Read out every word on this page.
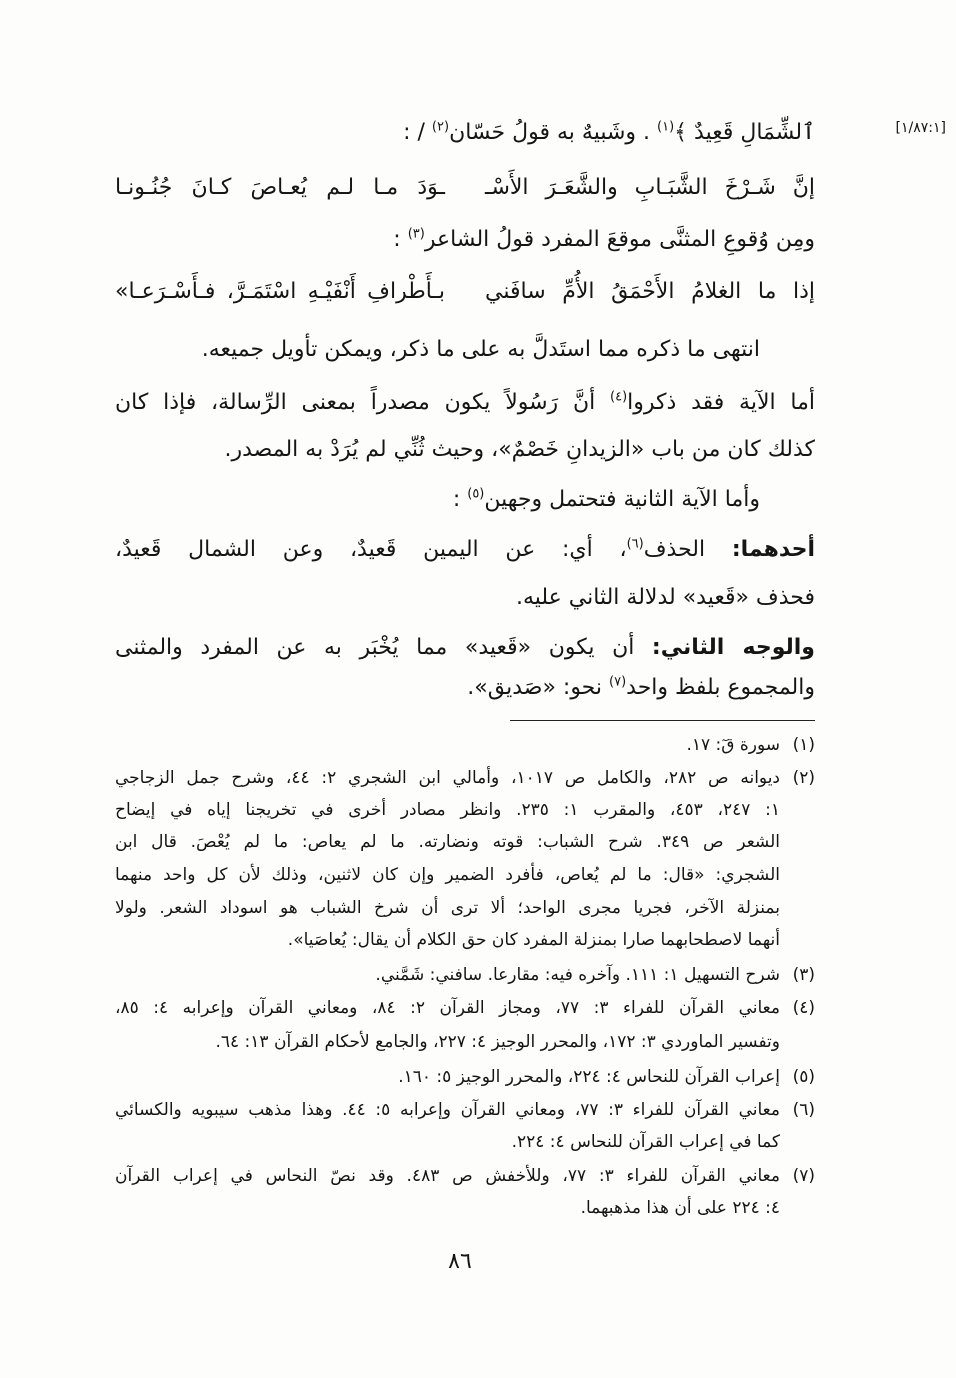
[١/٨٧:١]
ٱلشِّمَالِ قَعِيدٌ ﴾$^{(١)}$ . وشَبيهٌ به قولُ حَسّان$^{(٢)}$ / :
إنَّ شَـرْخَ الشَّبَـابِ والشَّعَـرَ الأَسْـ
ـوَدَ مـا لـم يُعـاصَ كـانَ جُنُـونـا
ومِن وُقوعِ المثنَّى موقعَ المفرد قولُ الشاعر$^{(٣)}$ :
إذا ما الغلامُ الأَحْمَقُ الأُمِّ سافَني
بـأَطْرافِ أَنْفَيْـهِ اسْتَمَـرَّ، فـأَسْـرَعـا»
انتهى ما ذكره مما استَدلَّ به على ما ذكر، ويمكن تأويل جميعه.
أما الآية فقد ذكروا$^{(٤)}$ أنَّ رَسُولاً يكون مصدراً بمعنى الرِّسالة، فإذا كان
كذلك كان من باب «الزيدانِ خَصْمٌ»، وحيث ثُنِّي لم يُرَدْ به المصدر.
وأما الآية الثانية فتحتمل وجهين$^{(٥)}$ :
أحدهما: الحذف$^{(٦)}$، أي: عن اليمين قَعيدٌ، وعن الشمال قَعيدٌ،
فحذف «قَعيد» لدلالة الثاني عليه.
والوجه الثاني: أن يكون «قَعيد» مما يُخْبَر به عن المفرد والمثنى
والمجموع بلفظ واحد$^{(٧)}$ نحو: «صَديق».
(١)
سورة قٓ: ١٧.
(٢)
ديوانه ص ٢٨٢، والكامل ص ١٠١٧، وأمالي ابن الشجري ٢: ٤٤، وشرح جمل الزجاجي
١: ٢٤٧، ٤٥٣، والمقرب ١: ٢٣٥. وانظر مصادر أخرى في تخريجنا إياه في إيضاح
الشعر ص ٣٤٩. شرح الشباب: قوته ونضارته. ما لم يعاص: ما لم يُعْصَ. قال ابن
الشجري: «قال: ما لم يُعاص، فأفرد الضمير وإن كان لاثنين، وذلك لأن كل واحد منهما
بمنزلة الآخر، فجريا مجرى الواحد؛ ألا ترى أن شرخ الشباب هو اسوداد الشعر. ولولا
أنهما لاصطحابهما صارا بمنزلة المفرد كان حق الكلام أن يقال: يُعاصَيا».
(٣)
شرح التسهيل ١: ١١١. وآخره فيه: مقارعا. سافني: شَمَّني.
(٤)
معاني القرآن للفراء ٣: ٧٧، ومجاز القرآن ٢: ٨٤، ومعاني القرآن وإعرابه ٤: ٨٥،
وتفسير الماوردي ٣: ١٧٢، والمحرر الوجيز ٤: ٢٢٧، والجامع لأحكام القرآن ١٣: ٦٤.
(٥)
إعراب القرآن للنحاس ٤: ٢٢٤، والمحرر الوجيز ٥: ١٦٠.
(٦)
معاني القرآن للفراء ٣: ٧٧، ومعاني القرآن وإعرابه ٥: ٤٤. وهذا مذهب سيبويه والكسائي
كما في إعراب القرآن للنحاس ٤: ٢٢٤.
(٧)
معاني القرآن للفراء ٣: ٧٧، وللأخفش ص ٤٨٣. وقد نصّ النحاس في إعراب القرآن
٤: ٢٢٤ على أن هذا مذهبهما.
٨٦
